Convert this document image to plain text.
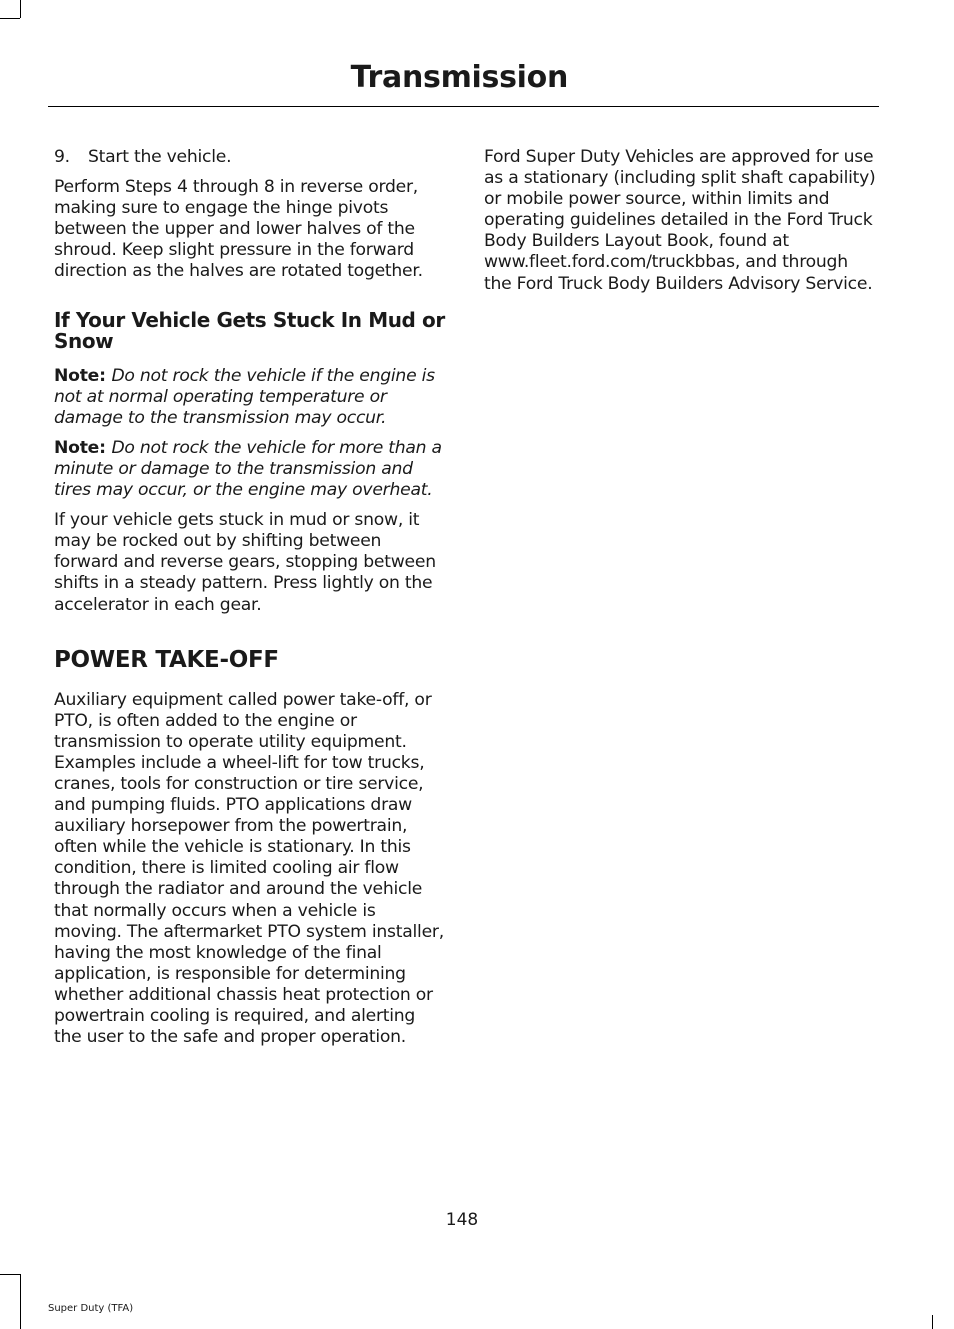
Transmission
9.	Start the vehicle.

Perform Steps 4 through 8 in reverse order, making sure to engage the hinge pivots between the upper and lower halves of the shroud. Keep slight pressure in the forward direction as the halves are rotated together.

If Your Vehicle Gets Stuck In Mud or Snow

Note: Do not rock the vehicle if the engine is not at normal operating temperature or damage to the transmission may occur.

Note: Do not rock the vehicle for more than a minute or damage to the transmission and tires may occur, or the engine may overheat.

If your vehicle gets stuck in mud or snow, it may be rocked out by shifting between forward and reverse gears, stopping between shifts in a steady pattern. Press lightly on the accelerator in each gear.

POWER TAKE-OFF

Auxiliary equipment called power take-off, or PTO, is often added to the engine or transmission to operate utility equipment. Examples include a wheel-lift for tow trucks, cranes, tools for construction or tire service, and pumping fluids. PTO applications draw auxiliary horsepower from the powertrain, often while the vehicle is stationary. In this condition, there is limited cooling air flow through the radiator and around the vehicle that normally occurs when a vehicle is moving. The aftermarket PTO system installer, having the most knowledge of the final application, is responsible for determining whether additional chassis heat protection or powertrain cooling is required, and alerting the user to the safe and proper operation.

Ford Super Duty Vehicles are approved for use as a stationary (including split shaft capability) or mobile power source, within limits and operating guidelines detailed in the Ford Truck Body Builders Layout Book, found at www.fleet.ford.com/truckbbas, and through the Ford Truck Body Builders Advisory Service.

148
Super Duty (TFA)
